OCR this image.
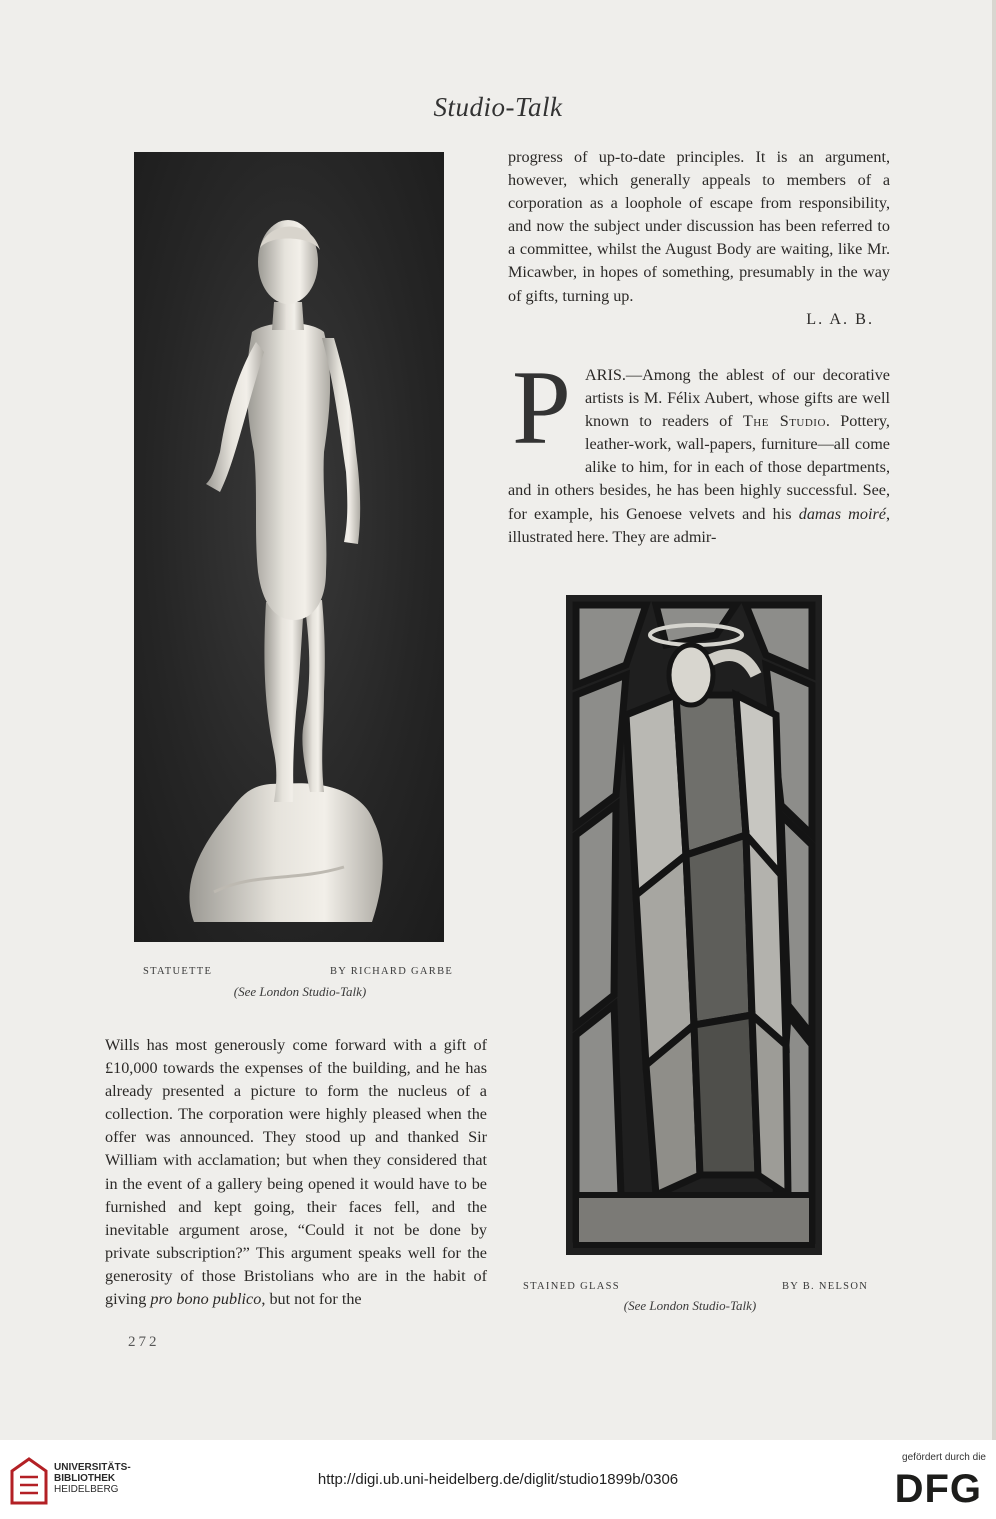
Studio-Talk
STATUETTE	BY RICHARD GARBE
(See London Studio-Talk)

progress of up-to-date principles. It is an argument, however, which generally appeals to members of a corporation as a loophole of escape from responsibility, and now the subject under discussion has been referred to a committee, whilst the August Body are waiting, like Mr. Micawber, in hopes of something, presumably in the way of gifts, turning up.

L. A. B.

PARIS.—Among the ablest of our decorative artists is M. Félix Aubert, whose gifts are well known to readers of The Studio. Pottery, leather-work, wall-papers, furniture—all come alike to him, for in each of those departments, and in others besides, he has been highly successful. See, for example, his Genoese velvets and his damas moiré, illustrated here. They are admir-

STAINED GLASS	BY B. NELSON
(See London Studio-Talk)

Wills has most generously come forward with a gift of £10,000 towards the expenses of the building, and he has already presented a picture to form the nucleus of a collection. The corporation were highly pleased when the offer was announced. They stood up and thanked Sir William with acclamation; but when they considered that in the event of a gallery being opened it would have to be furnished and kept going, their faces fell, and the inevitable argument arose, “Could it not be done by private subscription?” This argument speaks well for the generosity of those Bristolians who are in the habit of giving pro bono publico, but not for the

272
UNIVERSITÄTS-
BIBLIOTHEK
HEIDELBERG
http://digi.ub.uni-heidelberg.de/diglit/studio1899b/0306
gefördert durch die
DFG
